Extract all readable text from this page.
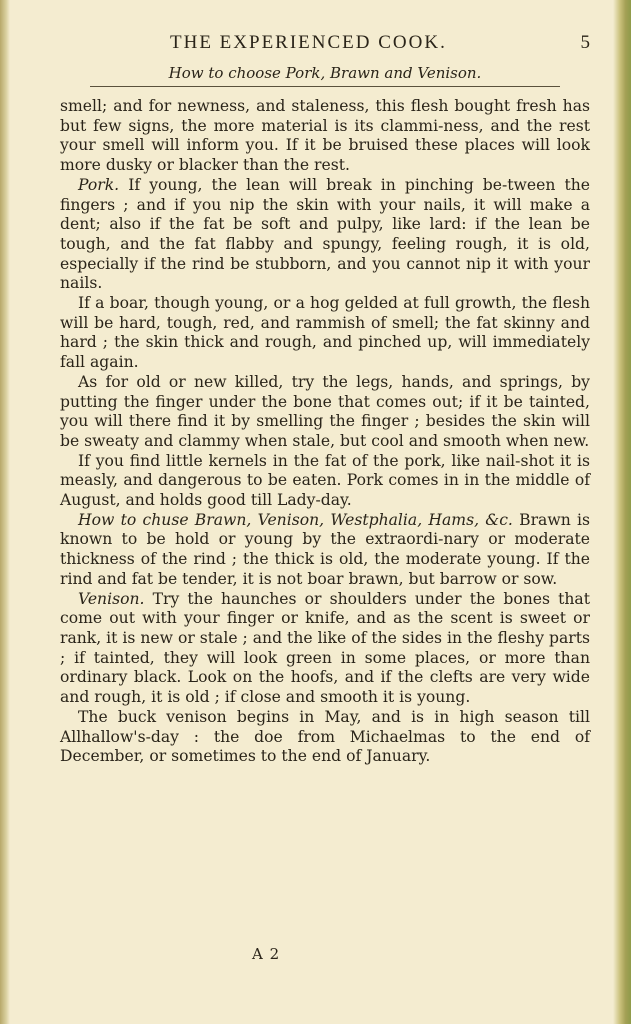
THE EXPERIENCED COOK.	5
How to choose Pork, Brawn and Venison.

smell; and for newness, and staleness, this flesh bought fresh has but few signs, the more material is its clammi-ness, and the rest your smell will inform you. If it be bruised these places will look more dusky or blacker than the rest.

Pork. If young, the lean will break in pinching be-tween the fingers ; and if you nip the skin with your nails, it will make a dent; also if the fat be soft and pulpy, like lard: if the lean be tough, and the fat flabby and spungy, feeling rough, it is old, especially if the rind be stubborn, and you cannot nip it with your nails.

If a boar, though young, or a hog gelded at full growth, the flesh will be hard, tough, red, and rammish of smell; the fat skinny and hard ; the skin thick and rough, and pinched up, will immediately fall again.

As for old or new killed, try the legs, hands, and springs, by putting the finger under the bone that comes out; if it be tainted, you will there find it by smelling the finger ; besides the skin will be sweaty and clammy when stale, but cool and smooth when new.

If you find little kernels in the fat of the pork, like nail-shot it is measly, and dangerous to be eaten. Pork comes in in the middle of August, and holds good till Lady-day.

How to chuse Brawn, Venison, Westphalia, Hams, &c. Brawn is known to be hold or young by the extraordi-nary or moderate thickness of the rind ; the thick is old, the moderate young. If the rind and fat be tender, it is not boar brawn, but barrow or sow.

Venison. Try the haunches or shoulders under the bones that come out with your finger or knife, and as the scent is sweet or rank, it is new or stale ; and the like of the sides in the fleshy parts ; if tainted, they will look green in some places, or more than ordinary black. Look on the hoofs, and if the clefts are very wide and rough, it is old ; if close and smooth it is young.

The buck venison begins in May, and is in high season till Allhallow's-day : the doe from Michaelmas to the end of December, or sometimes to the end of January.

A 2
